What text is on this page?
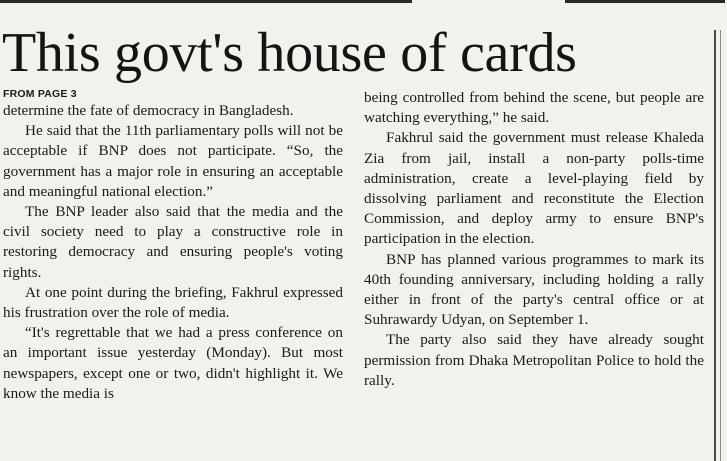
This govt's house of cards

FROM PAGE 3

determine the fate of democracy in Bangladesh.

He said that the 11th parliamentary polls will not be acceptable if BNP does not participate. “So, the government has a major role in ensuring an acceptable and meaningful national election.”

The BNP leader also said that the media and the civil society need to play a constructive role in restoring democracy and ensuring people's voting rights.

At one point during the briefing, Fakhrul expressed his frustration over the role of media.

“It's regrettable that we had a press conference on an important issue yesterday (Monday). But most newspapers, except one or two, didn't highlight it. We know the media is

being controlled from behind the scene, but people are watching everything,” he said.

Fakhrul said the government must release Khaleda Zia from jail, install a non-party polls-time administration, create a level-playing field by dissolving parliament and reconstitute the Election Commission, and deploy army to ensure BNP's participation in the election.

BNP has planned various programmes to mark its 40th founding anniversary, including holding a rally either in front of the party's central office or at Suhrawardy Udyan, on September 1.

The party also said they have already sought permission from Dhaka Metropolitan Police to hold the rally.
